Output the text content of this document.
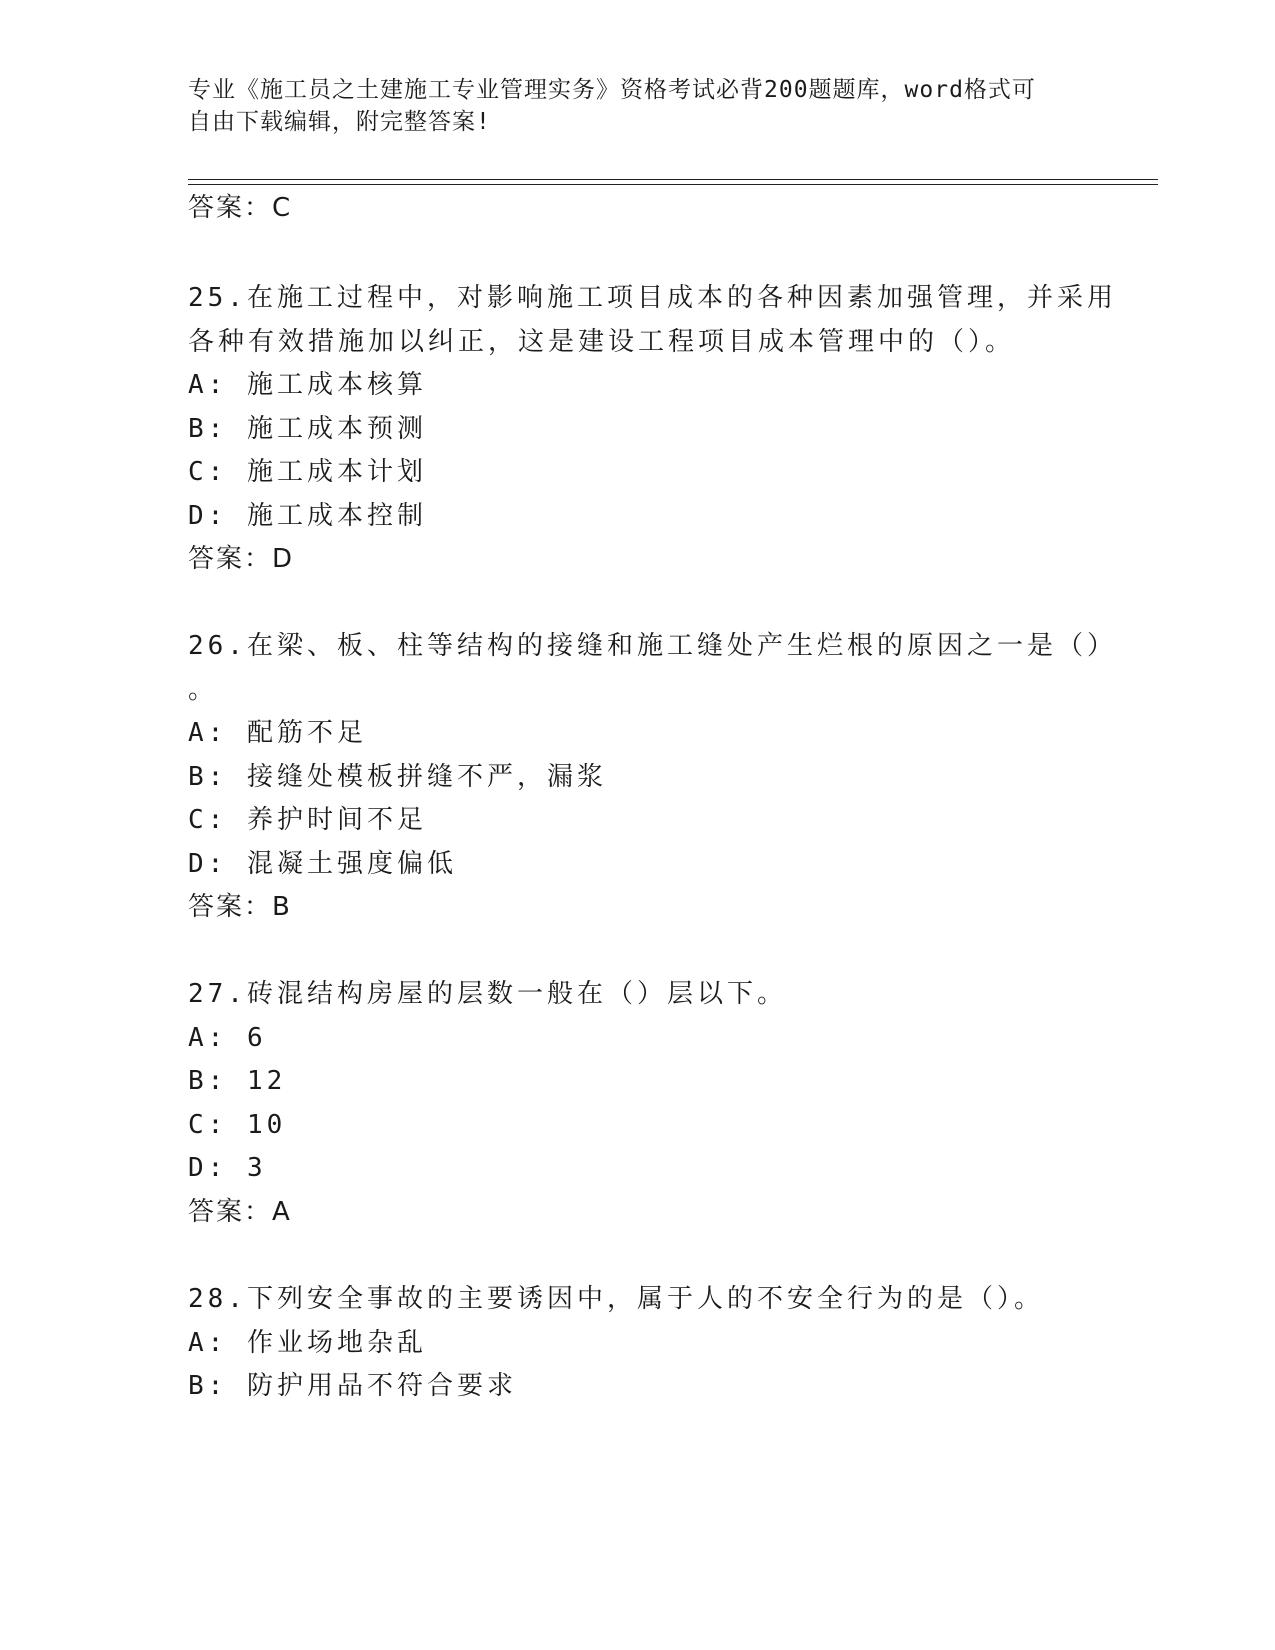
专业《施工员之土建施工专业管理实务》资格考试必背200题题库，word格式可
自由下载编辑，附完整答案!
答案：C
25.在施工过程中，对影响施工项目成本的各种因素加强管理，并采用
各种有效措施加以纠正，这是建设工程项目成本管理中的（）。
A: 施工成本核算
B: 施工成本预测
C: 施工成本计划
D: 施工成本控制
答案：D
26.在梁、板、柱等结构的接缝和施工缝处产生烂根的原因之一是（）
。
A: 配筋不足
B: 接缝处模板拼缝不严，漏浆
C: 养护时间不足
D: 混凝土强度偏低
答案：B
27.砖混结构房屋的层数一般在（）层以下。
A: 6
B: 12
C: 10
D: 3
答案：A
28.下列安全事故的主要诱因中，属于人的不安全行为的是（）。
A: 作业场地杂乱
B: 防护用品不符合要求
